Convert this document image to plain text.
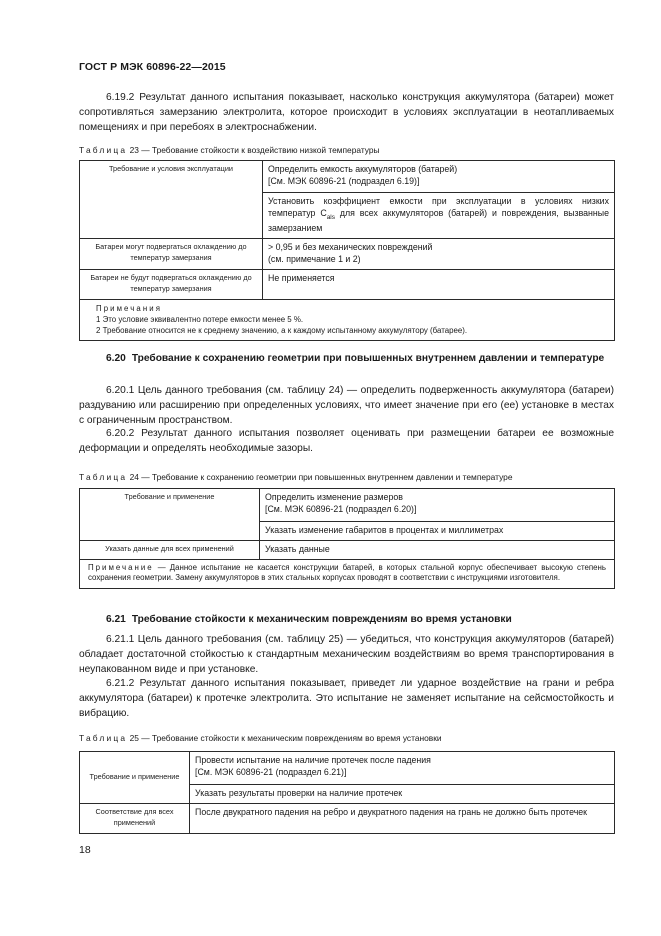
ГОСТ Р МЭК 60896-22—2015
6.19.2 Результат данного испытания показывает, насколько конструкция аккумулятора (батареи) может сопротивляться замерзанию электролита, которое происходит в условиях эксплуатации в неотапливаемых помещениях и при перебоях в электроснабжении.
Таблица 23 — Требование стойкости к воздействию низкой температуры
Требование и условия эксплуатации	Определить емкость аккумуляторов (батарей)
[См. МЭК 60896-21 (подраздел 6.19)]
	Установить коэффициент емкости при эксплуатации в условиях низких температур $C_{als}$ для всех аккумуляторов (батарей) и повреждения, вызванные замерзанием
Батареи могут подвергаться охлаждению до температур замерзания	> 0,95 и без механических повреждений
(см. примечание 1 и 2)
Батареи не будут подвергаться охлаждению до температур замерзания	Не применяется

Примечания
1 Это условие эквивалентно потере емкости менее 5 %.
2 Требование относится не к среднему значению, а к каждому испытанному аккумулятору (батарее).	
6.20 Требование к сохранению геометрии при повышенных внутреннем давлении и температуре
6.20.1 Цель данного требования (см. таблицу 24) — определить подверженность аккумулятора (батареи) раздуванию или расширению при определенных условиях, что имеет значение при его (ее) установке в местах с ограниченным пространством.
6.20.2 Результат данного испытания позволяет оценивать при размещении батареи ее возможные деформации и определять необходимые зазоры.
Таблица 24 — Требование к сохранению геометрии при повышенных внутреннем давлении и температуре
Требование и применение	Определить изменение размеров
[См. МЭК 60896-21 (подраздел 6.20)]
	Указать изменение габаритов в процентах и миллиметрах
Указать данные для всех применений	Указать данные
Примечание — Данное испытание не касается конструкции батарей, в которых стальной корпус обеспечивает высокую степень сохранения геометрии. Замену аккумуляторов в этих стальных корпусах проводят в соответствии с инструкциями изготовителя.	
6.21 Требование стойкости к механическим повреждениям во время установки
6.21.1 Цель данного требования (см. таблицу 25) — убедиться, что конструкция аккумуляторов (батарей) обладает достаточной стойкостью к стандартным механическим воздействиям во время транспортирования в неупакованном виде и при установке.
6.21.2 Результат данного испытания показывает, приведет ли ударное воздействие на грани и ребра аккумулятора (батареи) к протечке электролита. Это испытание не заменяет испытание на сейсмостойкость и вибрацию.
Таблица 25 — Требование стойкости к механическим повреждениям во время установки
Требование и применение	Провести испытание на наличие протечек после падения
[См. МЭК 60896-21 (подраздел 6.21)]
	Указать результаты проверки на наличие протечек
Соответствие для всех применений	После двукратного падения на ребро и двукратного падения на грань не должно быть протечек
18
